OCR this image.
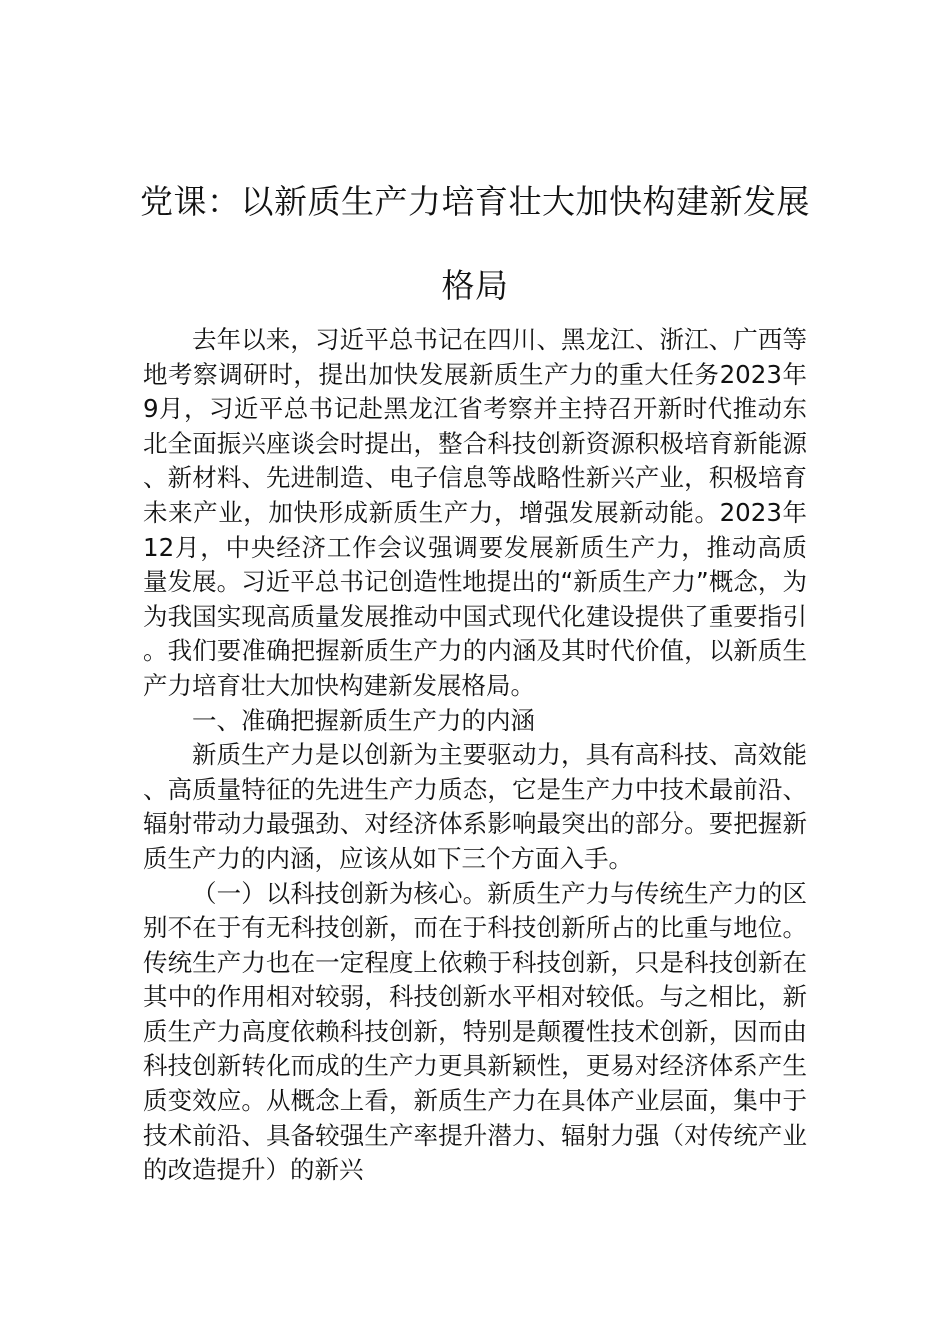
党课：以新质生产力培育壮大加快构建新发展格局

去年以来，习近平总书记在四川、黑龙江、浙江、广西等地考察调研时，提出加快发展新质生产力的重大任务2023年9月，习近平总书记赴黑龙江省考察并主持召开新时代推动东北全面振兴座谈会时提出，整合科技创新资源积极培育新能源、新材料、先进制造、电子信息等战略性新兴产业，积极培育未来产业，加快形成新质生产力，增强发展新动能。2023年12月，中央经济工作会议强调要发展新质生产力，推动高质量发展。习近平总书记创造性地提出的“新质生产力”概念，为为我国实现高质量发展推动中国式现代化建设提供了重要指引。我们要准确把握新质生产力的内涵及其时代价值，以新质生产力培育壮大加快构建新发展格局。

一、准确把握新质生产力的内涵

新质生产力是以创新为主要驱动力，具有高科技、高效能、高质量特征的先进生产力质态，它是生产力中技术最前沿、辐射带动力最强劲、对经济体系影响最突出的部分。要把握新质生产力的内涵，应该从如下三个方面入手。

（一）以科技创新为核心。新质生产力与传统生产力的区别不在于有无科技创新，而在于科技创新所占的比重与地位。传统生产力也在一定程度上依赖于科技创新，只是科技创新在其中的作用相对较弱，科技创新水平相对较低。与之相比，新质生产力高度依赖科技创新，特别是颠覆性技术创新，因而由科技创新转化而成的生产力更具新颖性，更易对经济体系产生质变效应。从概念上看，新质生产力在具体产业层面，集中于技术前沿、具备较强生产率提升潜力、辐射力强（对传统产业的改造提升）的新兴
